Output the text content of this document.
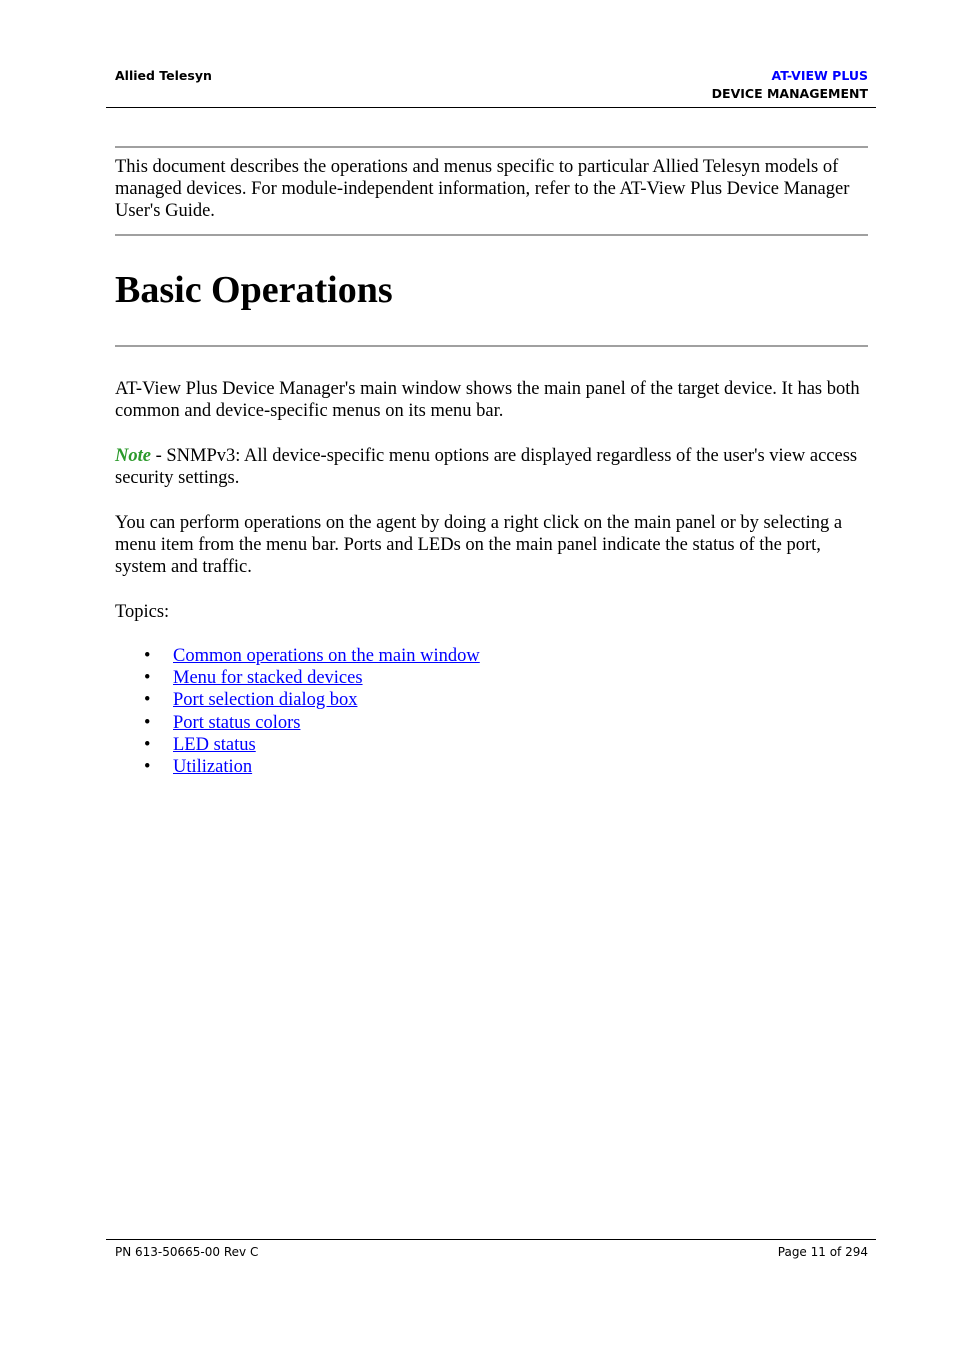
Allied Telesyn	AT-VIEW PLUS
DEVICE MANAGEMENT

This document describes the operations and menus specific to particular Allied Telesyn models of managed devices. For module-independent information, refer to the AT-View Plus Device Manager User's Guide.

Basic Operations

AT-View Plus Device Manager's main window shows the main panel of the target device. It has both common and device-specific menus on its menu bar.

Note - SNMPv3: All device-specific menu options are displayed regardless of the user's view access security settings.

You can perform operations on the agent by doing a right click on the main panel or by selecting a menu item from the menu bar. Ports and LEDs on the main panel indicate the status of the port, system and traffic.

Topics:

• Common operations on the main window
• Menu for stacked devices
• Port selection dialog box
• Port status colors
• LED status
• Utilization
PN 613-50665-00 Rev C	Page 11 of 294
